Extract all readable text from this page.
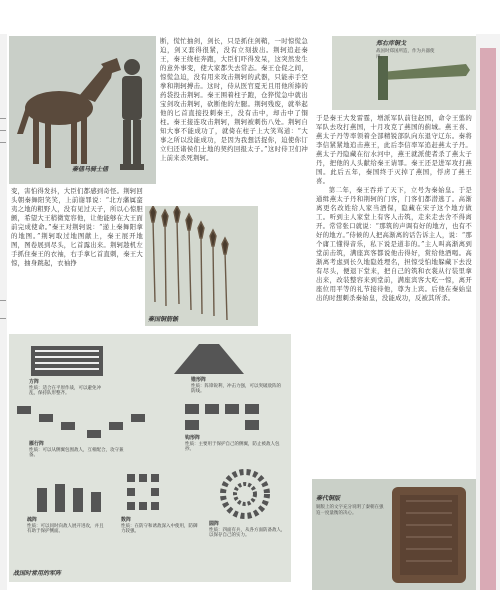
秦俑马骑士俑

断，慌忙抽剑，剑长，只是抓住剑鞘，一时惊慌急迫，剑又套得很紧，没有立刻拔出。荆轲追赶秦王，秦王绕柱奔跑，大臣们吓得发呆，这突然发生的意外事变，使大家都失去常态。秦王仓促之间，惊慌急迫，没有用来攻击荆轲的武器，只能赤手空拳和荆轲搏击。这时，侍从医官夏无且用他所捧的药袋投击荆轲。秦王围着柱子跑，仓猝慌急中就出宝剑攻击荆轲，砍断他的左腿。荆轲残废，就举起他的匕首直接投刺秦王，没有击中，却击中了铜柱。秦王接连攻击荆轲，荆轲被刺伤八处。荆轲自知大事不能成功了，就倚在柱子上大笑骂道：“大事之所以没能成功，是因为我想活捉你，迫使你订立归还诸侯们土地的契约回报太子。”这时侍卫们冲上前来杀死荆轲。

变，害怕得发抖，大臣们都感到奇怪。荆轲回头朝秦舞阳笑笑，上前谢罪说：“北方藩属蛮夷之地的粗野人，没有见过天子，所以心惊胆颤，希望大王稍微宽容他，让他能够在大王面前完成使命。”秦王对荆轲说：“递上秦舞阳拿的地图。”荆轲取过地图献上，秦王展开地图，图卷展到尽头，匕首露出来。荆轲趁机左手抓住秦王的衣袖，右手拿匕首直刺，秦王大惊，抽身跳起，衣袖挣

秦国铜箭镞
方阵
性质：适合在平原作战，可以避免冲乱，保持队形整齐。
锥形阵
性质：阵锋锐利，冲击力强，可以突破敌阵的防线。
雁行阵
性质：可以从侧翼包围敌人，互相配合，攻守兼备。
钩形阵
性质：主要用于保护自己的侧翼，防止被敌人包抄。
疏阵
性质：可以同时向敌人展开进攻，并且有助于保护侧面。
数阵
性质：在防守和诱敌深入中使用，防御力较强。
圆阵
性质：四面有兵，从各方面防备敌人，以保存自己的实力。
战国时常用的军阵
郑右库铜戈
战国时郑国所造，作为兵器使用。

于是秦王大发雷霆，增派军队前往赵国，命令王翦的军队去攻打燕国，十月攻克了燕国的蓟城。燕王喜、燕太子丹等率领着全部精锐部队向东退守辽东。秦将李信紧紧地追击燕王，此后李信率军追赶燕太子丹。燕太子丹隐藏在衍水河中，燕王就派使者杀了燕太子丹，把他的人头献给秦王请罪。秦王还是进军攻打燕国。此后五年，秦国终于灭掉了燕国，俘虏了燕王喜。

第二年，秦王吞并了天下，立号为秦始皇。于是通缉燕太子丹和荆轲的门客，门客们都潜逃了。高渐离更名改姓给人家当酒保，隐藏在宋子这个地方做工。听到主人家堂上有客人击筑，走来走去舍不得离开。常常张口就说：“那筑的声调有好的地方，也有不好的地方。”侍候的人把高渐离的话告诉主人，说：“那个庸工懂得音乐，私下说是道非的。”主人叫高渐离到堂前击筑，满座宾客都说他击得好，赏给他酒喝。高渐离考虑到长久地隐姓埋名，担惊受怕地躲藏下去没有尽头，便退下堂来，把自己的筑和衣裳从行装里拿出来，改装整容来到堂前，满座宾客大吃一惊，离开座位用平等的礼节接待他，尊为上宾。后他在秦始皇出的时想刺杀秦始皇，没能成功，反被其所杀。

秦代铜版
铜版上的文字充分说明了秦朝在强迫一度量衡的决心。
